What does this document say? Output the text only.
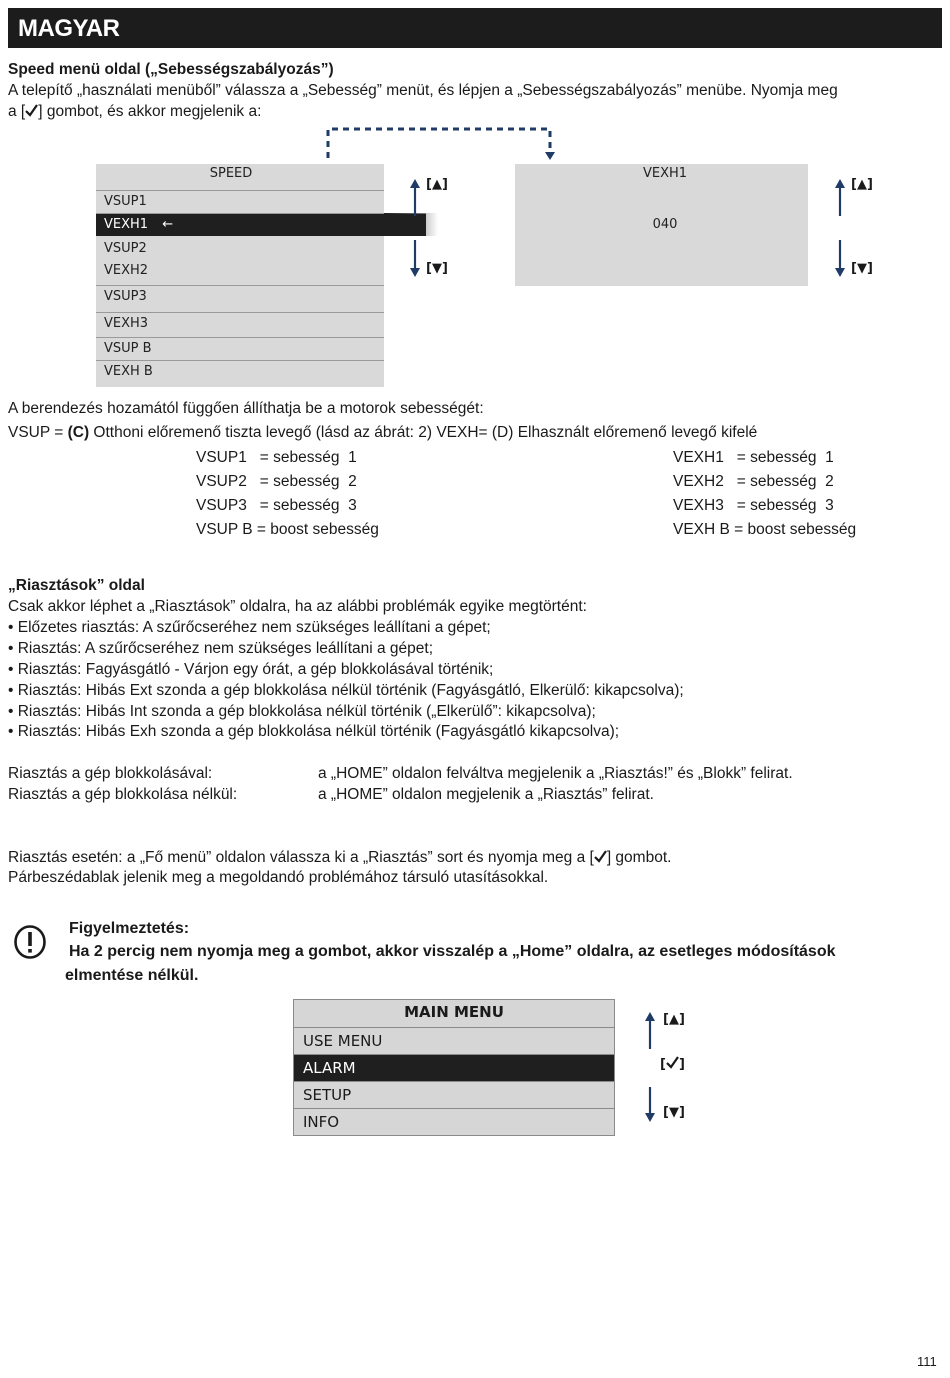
MAGYAR
Speed menü oldal („Sebességszabályozás”)
A telepítő „használati menüből” válassza a „Sebesség” menüt, és lépjen a „Sebességszabályozás” menübe. Nyomja meg
a [ ] gombot, és akkor megjelenik a:
SPEED
VSUP1
VEXH1 ←
VSUP2
VEXH2
VSUP3
VEXH3
VSUP B
VEXH B
[▲]
[▼]
VEXH1
040
[▲]
[▼]
A berendezés hozamától függően állíthatja be a motorok sebességét:
VSUP = (C) Otthoni előremenő tiszta levegő (lásd az ábrát: 2) VEXH= (D) Elhasznált előremenő levegő kifelé
VSUP1   = sebesség  1
VSUP2   = sebesség  2
VSUP3   = sebesség  3
VSUP B = boost sebesség
VEXH1   = sebesség  1
VEXH2   = sebesség  2
VEXH3   = sebesség  3
VEXH B = boost sebesség
„Riasztások” oldal
Csak akkor léphet a „Riasztások” oldalra, ha az alábbi problémák egyike megtörtént:
• Előzetes riasztás: A szűrőcseréhez nem szükséges leállítani a gépet;
• Riasztás: A szűrőcseréhez nem szükséges leállítani a gépet;
• Riasztás: Fagyásgátló - Várjon egy órát, a gép blokkolásával történik;
• Riasztás: Hibás Ext szonda a gép blokkolása nélkül történik (Fagyásgátló, Elkerülő: kikapcsolva);
• Riasztás: Hibás Int szonda a gép blokkolása nélkül történik („Elkerülő”: kikapcsolva);
• Riasztás: Hibás Exh szonda a gép blokkolása nélkül történik (Fagyásgátló kikapcsolva);
Riasztás a gép blokkolásával:	a „HOME” oldalon felváltva megjelenik a „Riasztás!” és „Blokk” felirat.
Riasztás a gép blokkolása nélkül:	a „HOME” oldalon megjelenik a „Riasztás” felirat.
Riasztás esetén: a „Fő menü” oldalon válassza ki a „Riasztás” sort és nyomja meg a [ ] gombot.
Párbeszédablak jelenik meg a megoldandó problémához társuló utasításokkal.
Figyelmeztetés:
Ha 2 percig nem nyomja meg a gombot, akkor visszalép a „Home” oldalra, az esetleges módosítások
elmentése nélkül.
MAIN MENU
USE MENU
ALARM
SETUP
INFO
[▲]
[ ]
[▼]
111
